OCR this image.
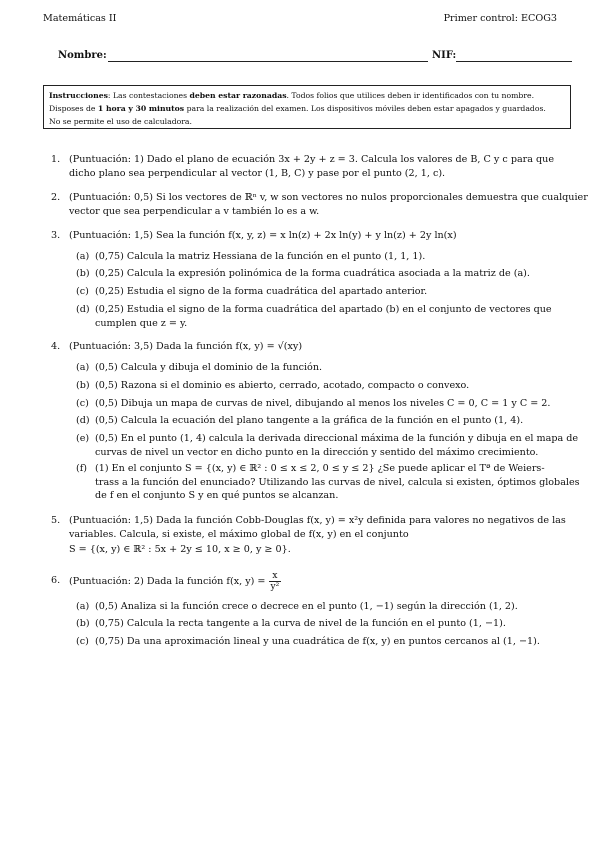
Matemáticas II	Primer control: ECOG3
Nombre:	NIF:
Instrucciones: Las contestaciones deben estar razonadas. Todos folios que utilices deben ir identificados con tu nombre.
Disposes de 1 hora y 30 minutos para la realización del examen. Los dispositivos móviles deben estar apagados y guardados.
No se permite el uso de calculadora.
1. (Puntuación: 1) Dado el plano de ecuación 3x + 2y + z = 3. Calcula los valores de B, C y c para que
dicho plano sea perpendicular al vector (1, B, C) y pase por el punto (2, 1, c).
2. (Puntuación: 0,5) Si los vectores de ℝⁿ v, w son vectores no nulos proporcionales demuestra que cualquier
vector que sea perpendicular a v también lo es a w.
3. (Puntuación: 1,5) Sea la función f(x, y, z) = x ln(z) + 2x ln(y) + y ln(z) + 2y ln(x)
(a) (0,75) Calcula la matriz Hessiana de la función en el punto (1, 1, 1).
(b) (0,25) Calcula la expresión polinómica de la forma cuadrática asociada a la matriz de (a).
(c) (0,25) Estudia el signo de la forma cuadrática del apartado anterior.
(d) (0,25) Estudia el signo de la forma cuadrática del apartado (b) en el conjunto de vectores que
cumplen que z = y.
4. (Puntuación: 3,5) Dada la función f(x, y) = √(xy)
(a) (0,5) Calcula y dibuja el dominio de la función.
(b) (0,5) Razona si el dominio es abierto, cerrado, acotado, compacto o convexo.
(c) (0,5) Dibuja un mapa de curvas de nivel, dibujando al menos los niveles C = 0, C = 1 y C = 2.
(d) (0,5) Calcula la ecuación del plano tangente a la gráfica de la función en el punto (1, 4).
(e) (0,5) En el punto (1, 4) calcula la derivada direccional máxima de la función y dibuja en el mapa de
curvas de nivel un vector en dicho punto en la dirección y sentido del máximo crecimiento.
(f) (1) En el conjunto S = {(x, y) ∈ ℝ² : 0 ≤ x ≤ 2, 0 ≤ y ≤ 2} ¿Se puede aplicar el Tª de Weiers-
trass a la función del enunciado? Utilizando las curvas de nivel, calcula si existen, óptimos globales
de f en el conjunto S y en qué puntos se alcanzan.
5. (Puntuación: 1,5) Dada la función Cobb-Douglas f(x, y) = x²y definida para valores no negativos de las
variables. Calcula, si existe, el máximo global de f(x, y) en el conjunto
S = {(x, y) ∈ ℝ² : 5x + 2y ≤ 10, x ≥ 0, y ≥ 0}.
6. (Puntuación: 2) Dada la función f(x, $y) = \frac{x}{\text{y²}}$
(a) (0,5) Analiza si la función crece o decrece en el punto (1, −1) según la dirección (1, 2).
(b) (0,75) Calcula la recta tangente a la curva de nivel de la función en el punto (1, −1).
(c) (0,75) Da una aproximación lineal y una cuadrática de f(x, y) en puntos cercanos al (1, −1).
